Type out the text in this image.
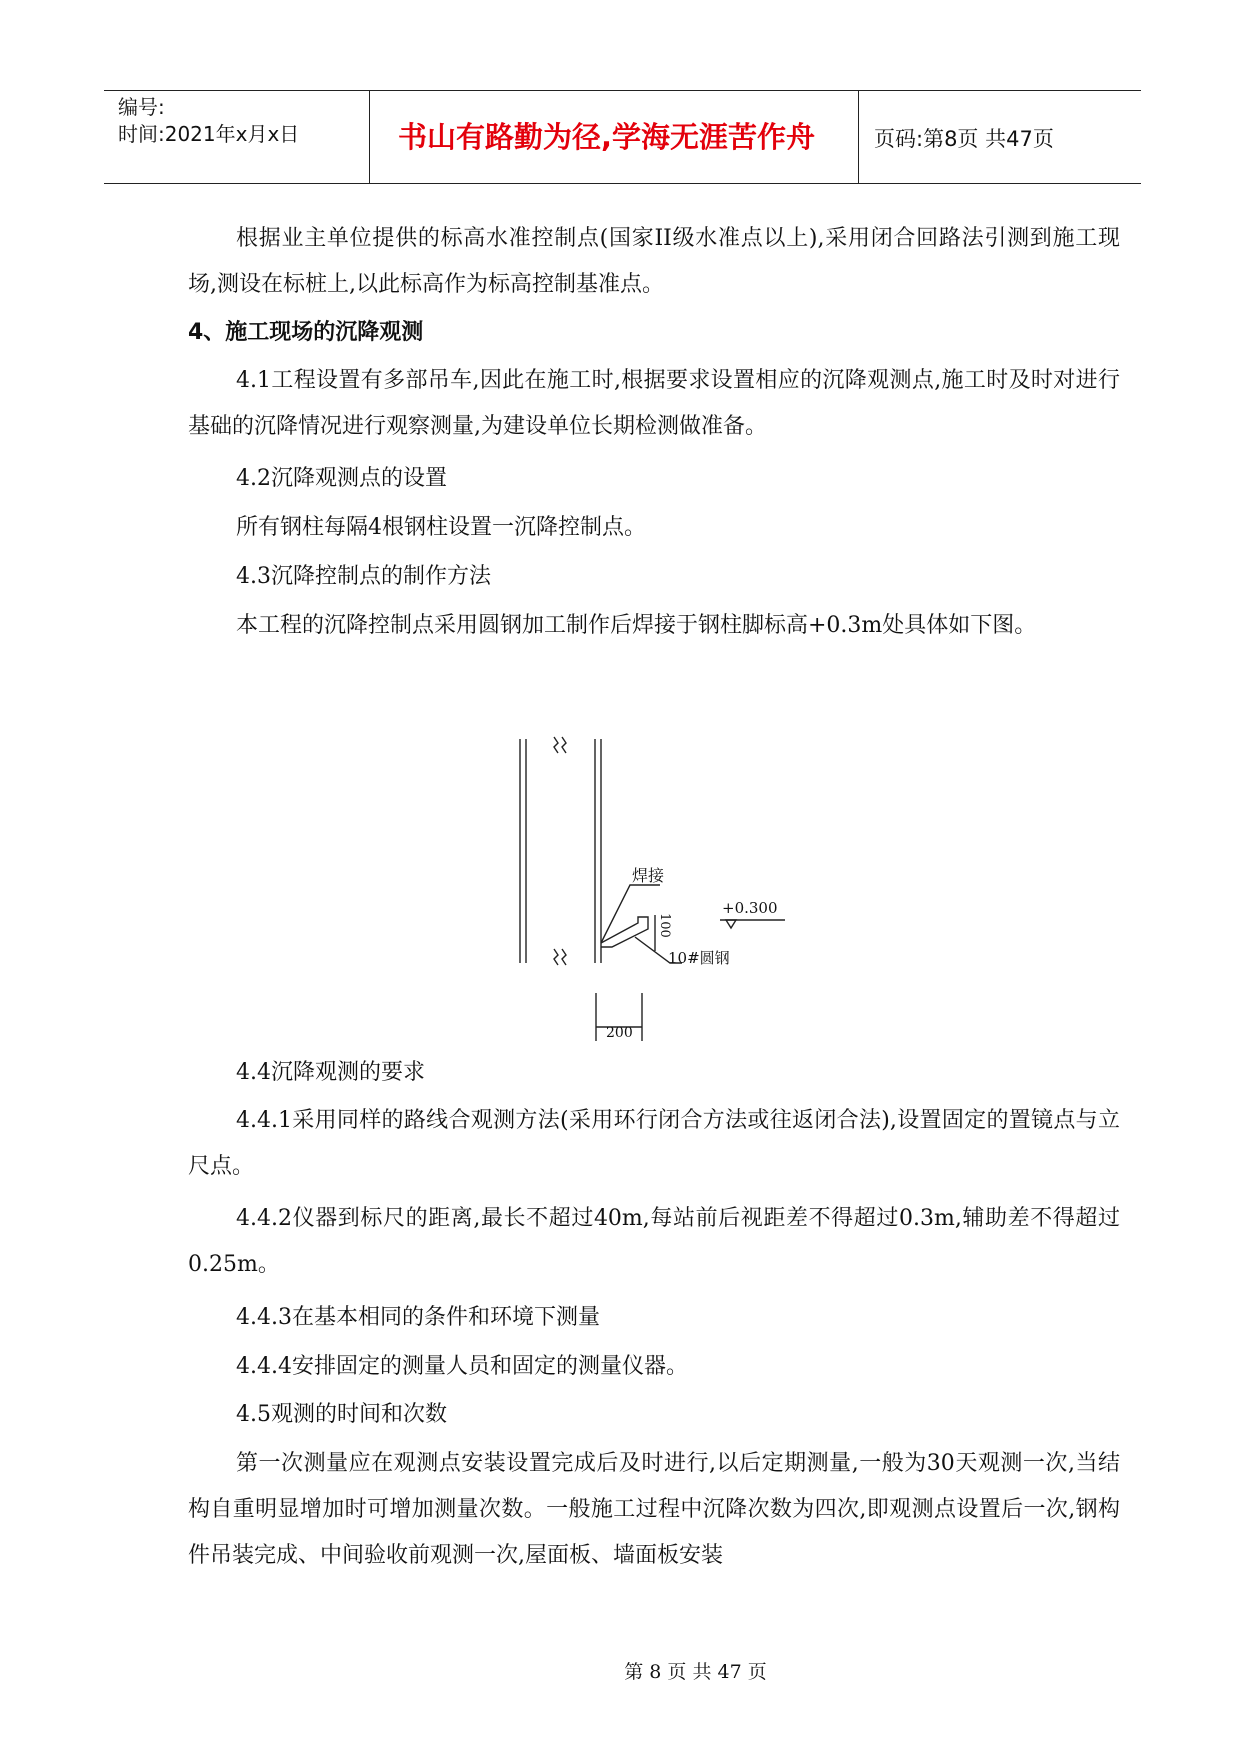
编号:
时间:2021年x月x日	书山有路勤为径,学海无涯苦作舟	页码:第8页 共47页

根据业主单位提供的标高水准控制点(国家II级水准点以上),采用闭合回路法引测到施工现场,测设在标桩上,以此标高作为标高控制基准点。

4、施工现场的沉降观测

4.1工程设置有多部吊车,因此在施工时,根据要求设置相应的沉降观测点,施工时及时对进行基础的沉降情况进行观察测量,为建设单位长期检测做准备。

4.2沉降观测点的设置

所有钢柱每隔4根钢柱设置一沉降控制点。

4.3沉降控制点的制作方法

本工程的沉降控制点采用圆钢加工制作后焊接于钢柱脚标高+0.3m处具体如下图。

焊接
+0.300
100
10#圆钢
200

4.4沉降观测的要求

4.4.1采用同样的路线合观测方法(采用环行闭合方法或往返闭合法),设置固定的置镜点与立尺点。

4.4.2仪器到标尺的距离,最长不超过40m,每站前后视距差不得超过0.3m,辅助差不得超过0.25m。

4.4.3在基本相同的条件和环境下测量

4.4.4安排固定的测量人员和固定的测量仪器。

4.5观测的时间和次数

第一次测量应在观测点安装设置完成后及时进行,以后定期测量,一般为30天观测一次,当结构自重明显增加时可增加测量次数。一般施工过程中沉降次数为四次,即观测点设置后一次,钢构件吊装完成、中间验收前观测一次,屋面板、墙面板安装

第 8 页 共 47 页
